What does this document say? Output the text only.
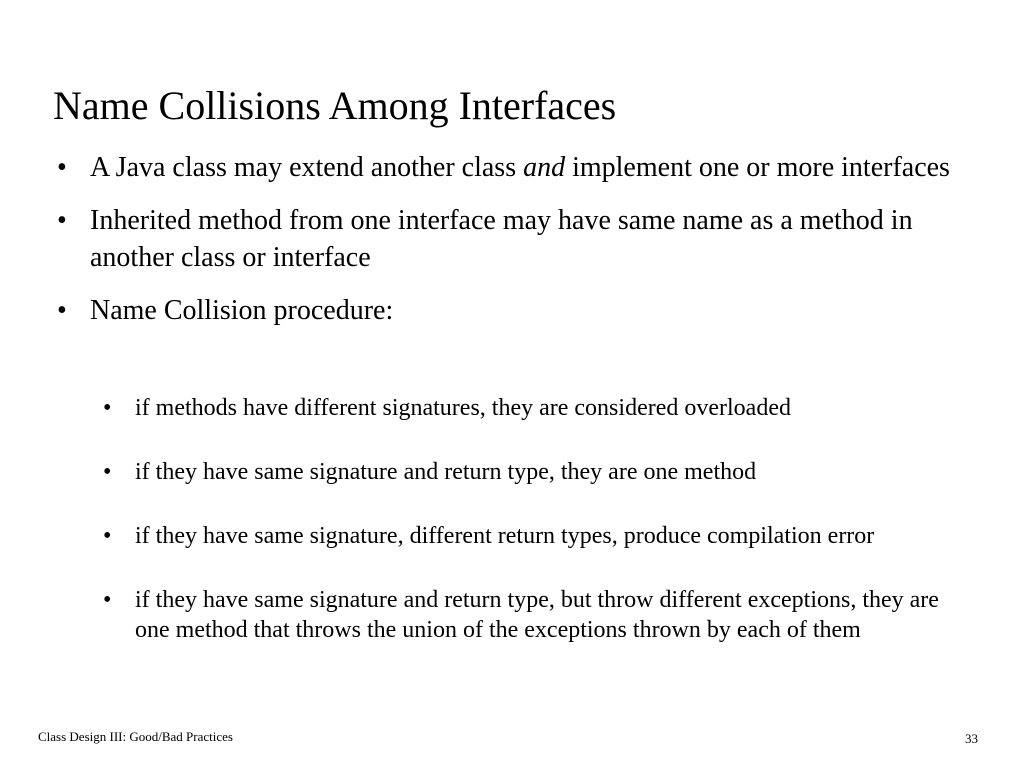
Name Collisions Among Interfaces
• A Java class may extend another class and implement one or more interfaces
• Inherited method from one interface may have same name as a method in another class or interface
• Name Collision procedure:
• if methods have different signatures, they are considered overloaded
• if they have same signature and return type, they are one method
• if they have same signature, different return types, produce compilation error
• if they have same signature and return type, but throw different exceptions, they are one method that throws the union of the exceptions thrown by each of them
Class Design III: Good/Bad Practices	33
